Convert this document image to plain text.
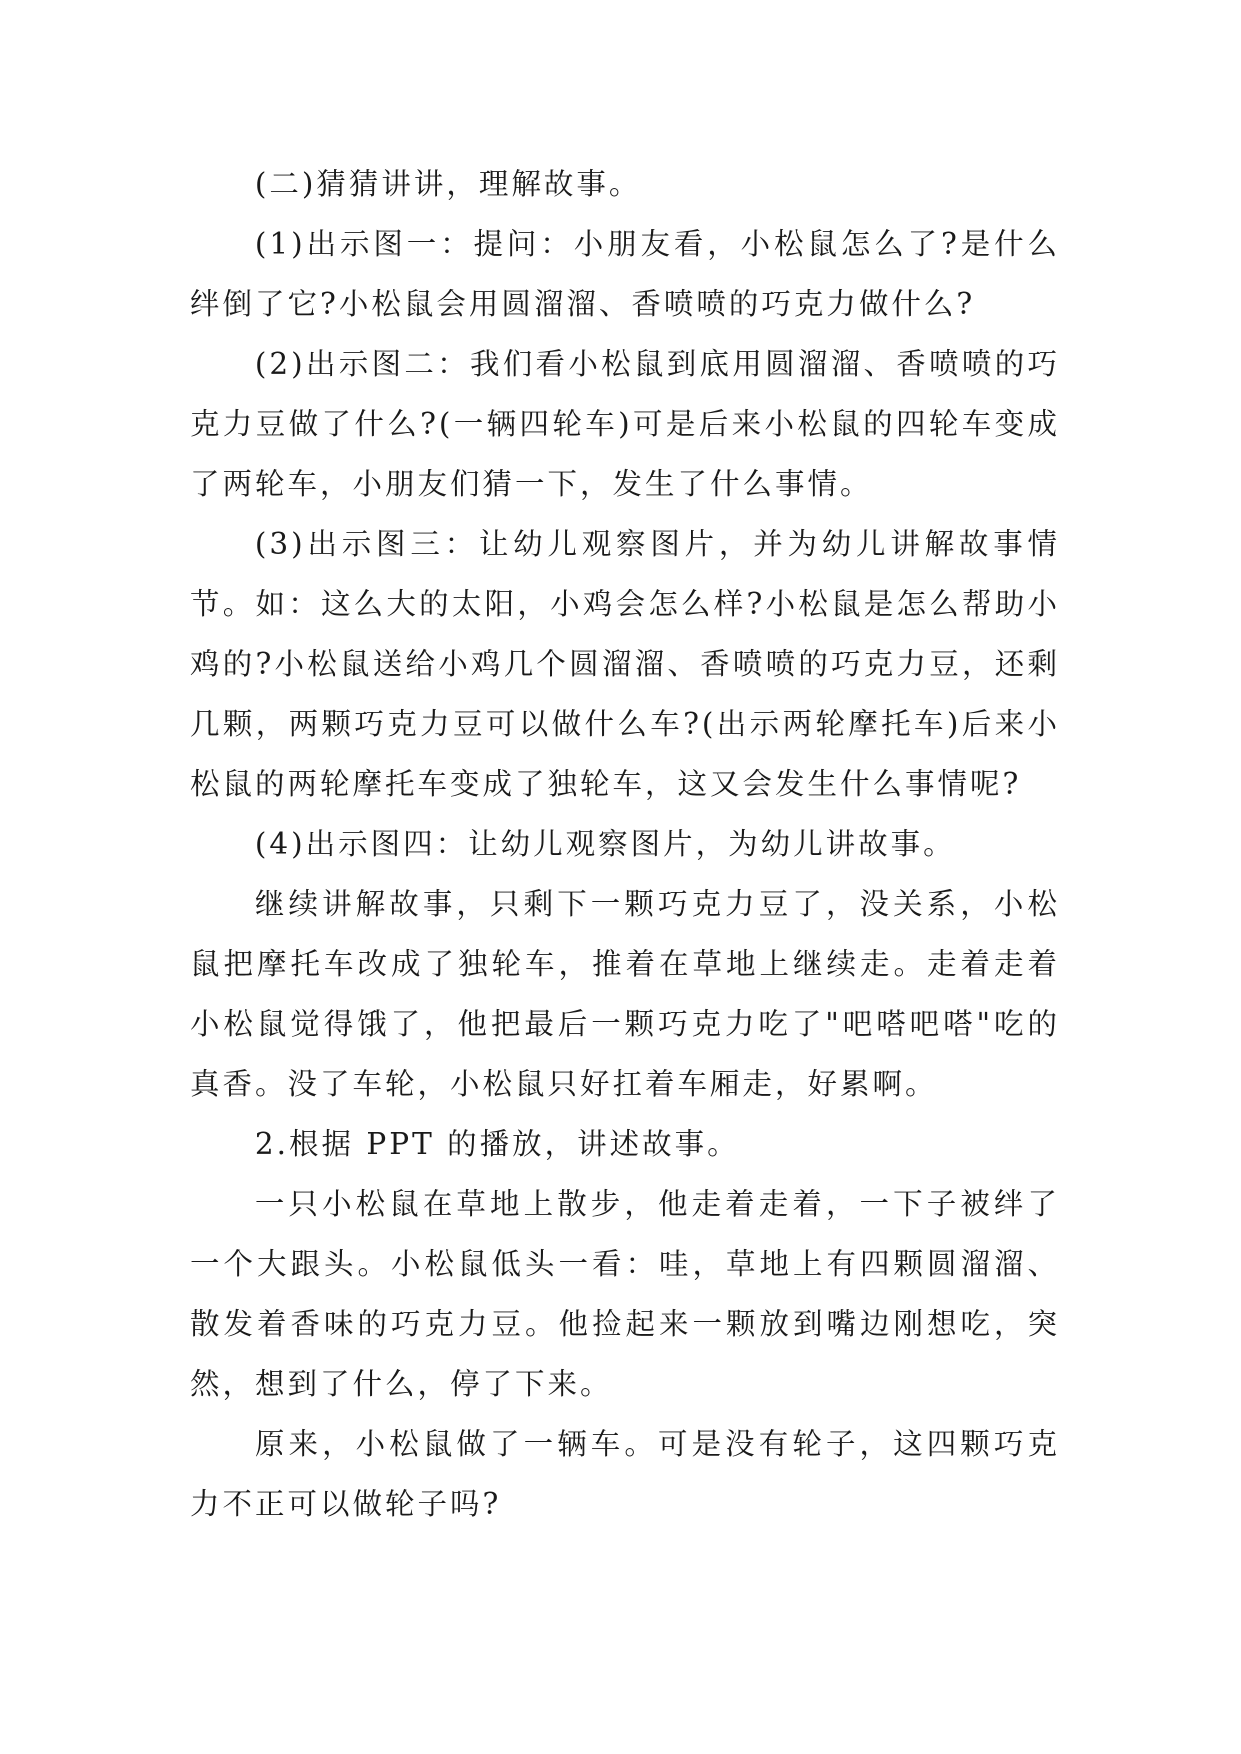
(二)猜猜讲讲，理解故事。

(1)出示图一：提问：小朋友看，小松鼠怎么了?是什么绊倒了它?小松鼠会用圆溜溜、香喷喷的巧克力做什么?

(2)出示图二：我们看小松鼠到底用圆溜溜、香喷喷的巧克力豆做了什么?(一辆四轮车)可是后来小松鼠的四轮车变成了两轮车，小朋友们猜一下，发生了什么事情。

(3)出示图三：让幼儿观察图片，并为幼儿讲解故事情节。如：这么大的太阳，小鸡会怎么样?小松鼠是怎么帮助小鸡的?小松鼠送给小鸡几个圆溜溜、香喷喷的巧克力豆，还剩几颗，两颗巧克力豆可以做什么车?(出示两轮摩托车)后来小松鼠的两轮摩托车变成了独轮车，这又会发生什么事情呢?

(4)出示图四：让幼儿观察图片，为幼儿讲故事。

继续讲解故事，只剩下一颗巧克力豆了，没关系，小松鼠把摩托车改成了独轮车，推着在草地上继续走。走着走着小松鼠觉得饿了，他把最后一颗巧克力吃了"吧嗒吧嗒"吃的真香。没了车轮，小松鼠只好扛着车厢走，好累啊。

2.根据 PPT 的播放，讲述故事。

一只小松鼠在草地上散步，他走着走着，一下子被绊了一个大跟头。小松鼠低头一看：哇，草地上有四颗圆溜溜、散发着香味的巧克力豆。他捡起来一颗放到嘴边刚想吃，突然，想到了什么，停了下来。

原来，小松鼠做了一辆车。可是没有轮子，这四颗巧克力不正可以做轮子吗?
